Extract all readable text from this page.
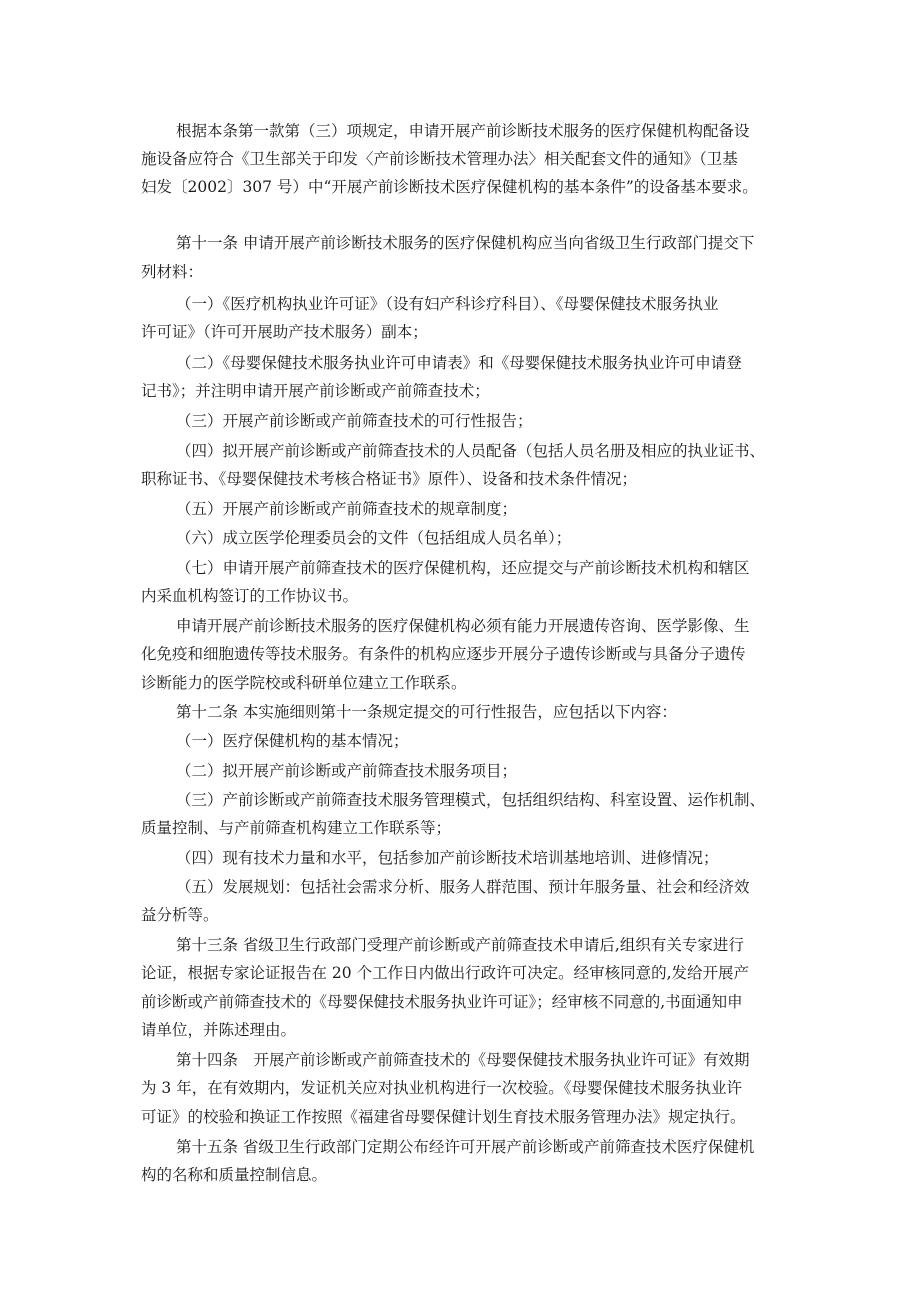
根据本条第一款第（三）项规定，申请开展产前诊断技术服务的医疗保健机构配备设

施设备应符合《卫生部关于印发〈产前诊断技术管理办法〉相关配套文件的通知》（卫基

妇发〔2002〕307 号）中“开展产前诊断技术医疗保健机构的基本条件”的设备基本要求。

第十一条 申请开展产前诊断技术服务的医疗保健机构应当向省级卫生行政部门提交下

列材料：

（一）《医疗机构执业许可证》（设有妇产科诊疗科目）、《母婴保健技术服务执业

许可证》（许可开展助产技术服务）副本；

（二）《母婴保健技术服务执业许可申请表》和《母婴保健技术服务执业许可申请登

记书》；并注明申请开展产前诊断或产前筛查技术；

（三）开展产前诊断或产前筛查技术的可行性报告；

（四）拟开展产前诊断或产前筛查技术的人员配备（包括人员名册及相应的执业证书、

职称证书、《母婴保健技术考核合格证书》原件）、设备和技术条件情况；

（五）开展产前诊断或产前筛查技术的规章制度；

（六）成立医学伦理委员会的文件（包括组成人员名单）；

（七）申请开展产前筛查技术的医疗保健机构，还应提交与产前诊断技术机构和辖区

内采血机构签订的工作协议书。

申请开展产前诊断技术服务的医疗保健机构必须有能力开展遗传咨询、医学影像、生

化免疫和细胞遗传等技术服务。有条件的机构应逐步开展分子遗传诊断或与具备分子遗传

诊断能力的医学院校或科研单位建立工作联系。

第十二条 本实施细则第十一条规定提交的可行性报告，应包括以下内容：

（一）医疗保健机构的基本情况；

（二）拟开展产前诊断或产前筛查技术服务项目；

（三）产前诊断或产前筛查技术服务管理模式，包括组织结构、科室设置、运作机制、

质量控制、与产前筛查机构建立工作联系等；

（四）现有技术力量和水平，包括参加产前诊断技术培训基地培训、进修情况；

（五）发展规划：包括社会需求分析、服务人群范围、预计年服务量、社会和经济效

益分析等。

第十三条 省级卫生行政部门受理产前诊断或产前筛查技术申请后,组织有关专家进行

论证，根据专家论证报告在 20 个工作日内做出行政许可决定。经审核同意的,发给开展产

前诊断或产前筛查技术的《母婴保健技术服务执业许可证》；经审核不同意的,书面通知申

请单位，并陈述理由。

第十四条　开展产前诊断或产前筛查技术的《母婴保健技术服务执业许可证》有效期

为 3 年，在有效期内，发证机关应对执业机构进行一次校验。《母婴保健技术服务执业许

可证》的校验和换证工作按照《福建省母婴保健计划生育技术服务管理办法》规定执行。

第十五条 省级卫生行政部门定期公布经许可开展产前诊断或产前筛查技术医疗保健机

构的名称和质量控制信息。
